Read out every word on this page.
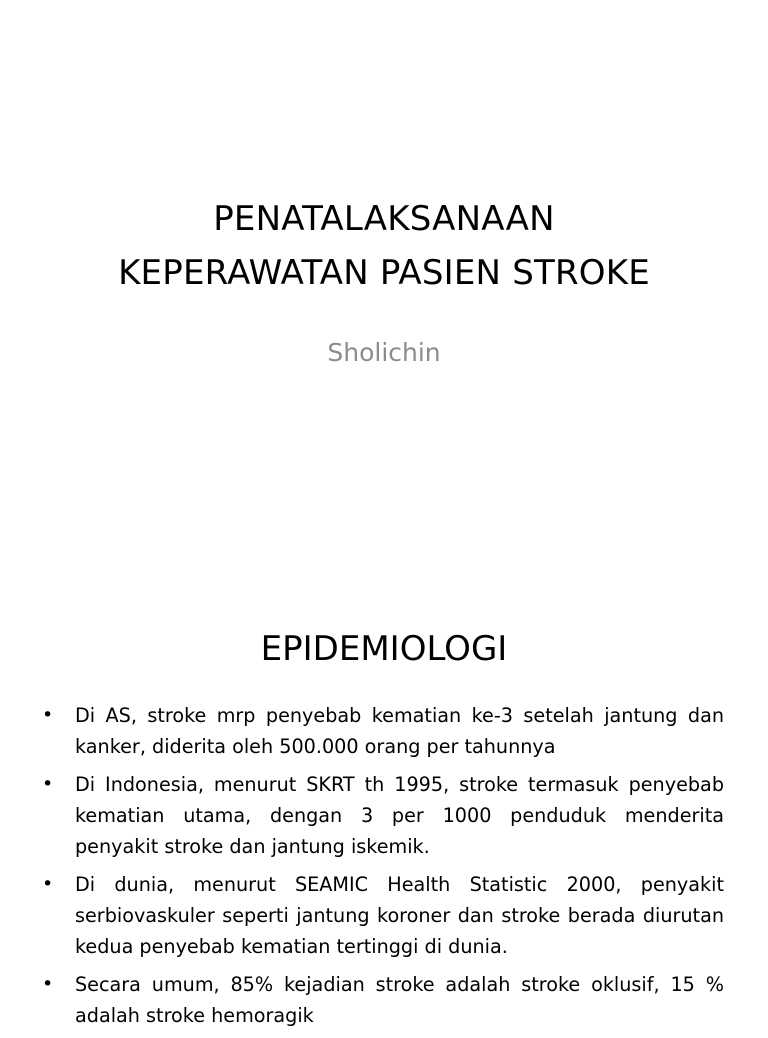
PENATALAKSANAAN
KEPERAWATAN PASIEN STROKE
Sholichin
EPIDEMIOLOGI
• Di AS, stroke mrp penyebab kematian ke-3 setelah jantung dan kanker, diderita oleh 500.000 orang per tahunnya
• Di Indonesia, menurut SKRT th 1995, stroke termasuk penyebab kematian utama, dengan 3 per 1000 penduduk menderita penyakit stroke dan jantung iskemik.
• Di dunia, menurut SEAMIC Health Statistic 2000, penyakit serbiovaskuler seperti jantung koroner dan stroke berada diurutan kedua penyebab kematian tertinggi di dunia.
• Secara umum, 85% kejadian stroke adalah stroke oklusif, 15 % adalah stroke hemoragik
